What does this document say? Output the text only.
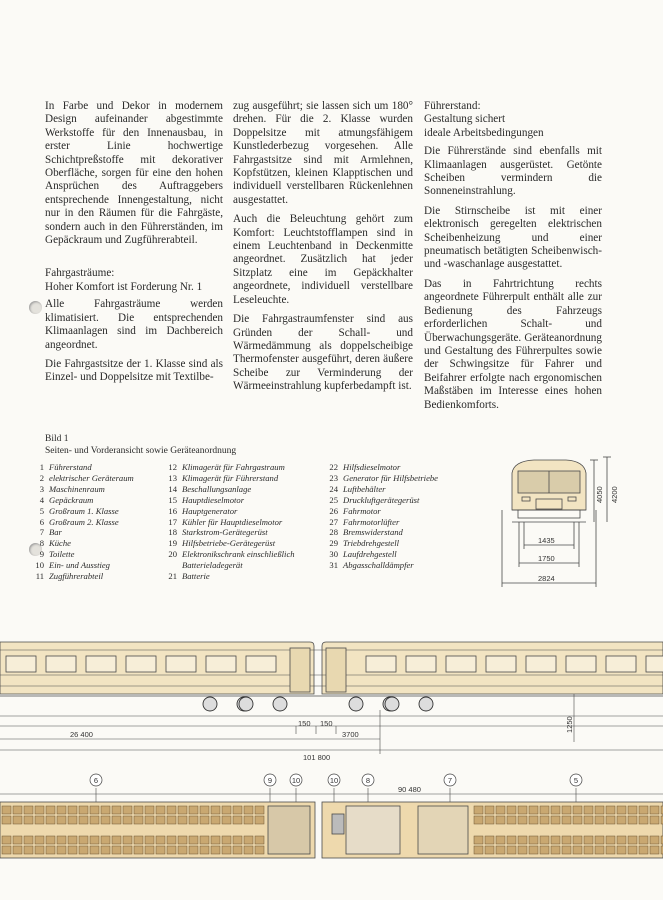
In Farbe und Dekor in modernem Design aufeinander abgestimmte Werkstoffe für den Innenausbau, in erster Linie hochwertige Schichtpreßstoffe mit dekorativer Oberfläche, sorgen für eine den hohen Ansprüchen des Auftraggebers entsprechende Innengestaltung, nicht nur in den Räumen für die Fahrgäste, sondern auch in den Führerständen, im Gepäckraum und Zugführerabteil.

Fahrgasträume:
Hoher Komfort ist Forderung Nr. 1

Alle Fahrgasträume werden klimatisiert. Die entsprechenden Klimaanlagen sind im Dachbereich angeordnet.

Die Fahrgastsitze der 1. Klasse sind als Einzel- und Doppelsitze mit Textilbe-

zug ausgeführt; sie lassen sich um 180° drehen. Für die 2. Klasse wurden Doppelsitze mit atmungsfähigem Kunstlederbezug vorgesehen. Alle Fahrgastsitze sind mit Armlehnen, Kopfstützen, kleinen Klapptischen und individuell verstellbaren Rückenlehnen ausgestattet.

Auch die Beleuchtung gehört zum Komfort: Leuchtstofflampen sind in einem Leuchtenband in Deckenmitte angeordnet. Zusätzlich hat jeder Sitzplatz eine im Gepäckhalter angeordnete, individuell verstellbare Leseleuchte.

Die Fahrgastraumfenster sind aus Gründen der Schall- und Wärmedämmung als doppelscheibige Thermofenster ausgeführt, deren äußere Scheibe zur Verminderung der Wärmeeinstrahlung kupferbedampft ist.

Führerstand:
Gestaltung sichert
ideale Arbeitsbedingungen

Die Führerstände sind ebenfalls mit Klimaanlagen ausgerüstet. Getönte Scheiben vermindern die Sonneneinstrahlung.

Die Stirnscheibe ist mit einer elektronisch geregelten elektrischen Scheibenheizung und einer pneumatisch betätigten Scheibenwisch- und -waschanlage ausgestattet.

Das in Fahrtrichtung rechts angeordnete Führerpult enthält alle zur Bedienung des Fahrzeugs erforderlichen Schalt- und Überwachungsgeräte. Geräteanordnung und Gestaltung des Führerpultes sowie der Schwingsitze für Fahrer und Beifahrer erfolgte nach ergonomischen Maßstäben im Interesse eines hohen Bedienkomforts.

Bild 1
Seiten- und Vorderansicht sowie Geräteanordnung
1 Führerstand
2 elektrischer Geräteraum
3 Maschinenraum
4 Gepäckraum
5 Großraum 1. Klasse
6 Großraum 2. Klasse
7 Bar
8 Küche
9 Toilette
10 Ein- und Ausstieg
11 Zugführerabteil
12 Klimagerät für Fahrgastraum
13 Klimagerät für Führerstand
14 Beschallungsanlage
15 Hauptdieselmotor
16 Hauptgenerator
17 Kühler für Hauptdieselmotor
18 Starkstrom-Gerätegerüst
19 Hilfsbetriebe-Gerätegerüst
20 Elektronikschrank einschließlich
Batterieladegerät
21 Batterie
22 Hilfsdieselmotor
23 Generator für Hilfsbetriebe
24 Luftbehälter
25 Druckluftgerätegerüst
26 Fahrmotor
27 Fahrmotorlüfter
28 Bremswiderstand
29 Triebdrehgestell
30 Laufdrehgestell
31 Abgasschalldämpfer
4050 4200
1435
1750
2824
150 150	1250
26 400	3700
101 800
6	9	10	10	8	7	5
90 480
